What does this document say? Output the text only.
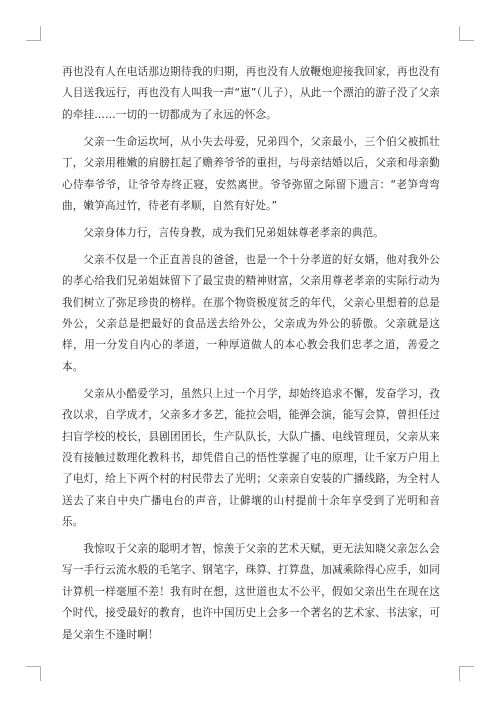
再也没有人在电话那边期待我的归期，再也没有人放鞭炮迎接我回家，再也没有人目送我远行，再也没有人叫我一声“崽”（儿子），从此一个漂泊的游子没了父亲的牵挂……一切的一切都成为了永远的怀念。

父亲一生命运坎坷，从小失去母爱，兄弟四个，父亲最小，三个伯父被抓壮丁，父亲用稚嫩的肩膀扛起了赡养爷爷的重担，与母亲结婚以后，父亲和母亲勤心侍奉爷爷，让爷爷寿终正寝，安然离世。爷爷弥留之际留下遗言：“老笋弯弯曲，嫩笋高过竹，待老有孝顺，自然有好处。”

父亲身体力行，言传身教，成为我们兄弟姐妹尊老孝亲的典范。

父亲不仅是一个正直善良的爸爸，也是一个十分孝道的好女婿，他对我外公的孝心给我们兄弟姐妹留下了最宝贵的精神财富，父亲用尊老孝亲的实际行动为我们树立了弥足珍贵的榜样。在那个物资极度贫乏的年代，父亲心里想着的总是外公，父亲总是把最好的食品送去给外公，父亲成为外公的骄傲。父亲就是这样，用一分发自内心的孝道，一种厚道做人的本心教会我们忠孝之道，善爱之本。

父亲从小酷爱学习，虽然只上过一个月学，却始终追求不懈，发奋学习，孜孜以求，自学成才，父亲多才多艺，能拉会唱，能弹会演，能写会算，曾担任过扫盲学校的校长，县剧团团长，生产队队长，大队广播、电线管理员，父亲从来没有接触过数理化教科书，却凭借自己的悟性掌握了电的原理，让千家万户用上了电灯，给上下两个村的村民带去了光明；父亲亲自安装的广播线路，为全村人送去了来自中央广播电台的声音，让僻壤的山村提前十余年享受到了光明和音乐。

我惊叹于父亲的聪明才智，惊羡于父亲的艺术天赋，更无法知晓父亲怎么会写一手行云流水般的毛笔字、钢笔字，珠算、打算盘，加减乘除得心应手，如同计算机一样毫厘不差！我有时在想，这世道也太不公平，假如父亲出生在现在这个时代，接受最好的教育，也许中国历史上会多一个著名的艺术家、书法家，可是父亲生不逢时啊！
